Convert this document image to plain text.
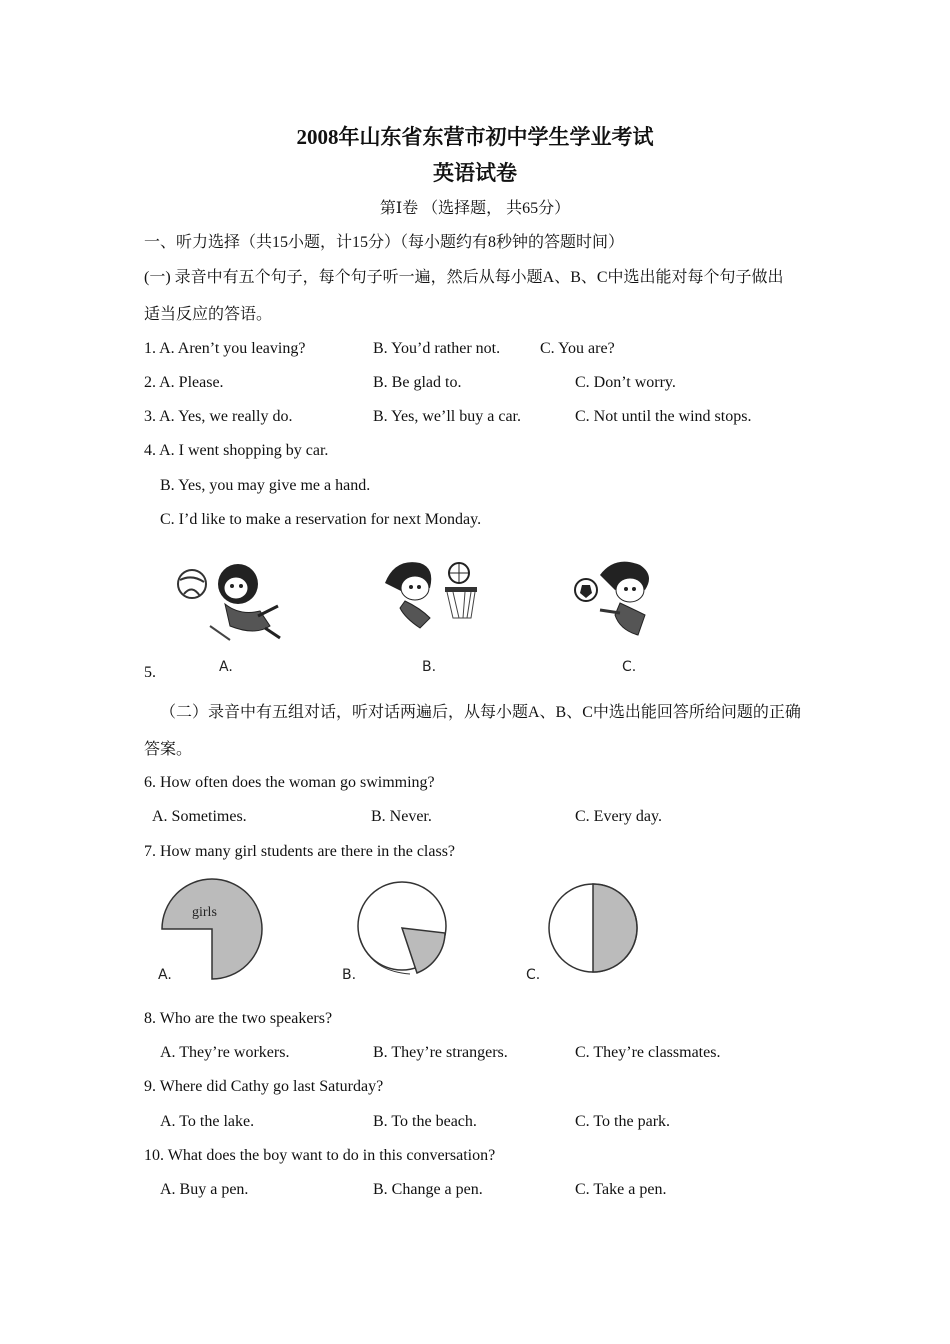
2008年山东省东营市初中学生学业考试
英语试卷
第Ⅰ卷 （选择题， 共65分）
一、听力选择（共15小题，计15分）（每小题约有8秒钟的答题时间）
(一) 录音中有五个句子，每个句子听一遍，然后从每小题A、B、C中选出能对每个句子做出
适当反应的答语。
1. A. Aren’t you leaving?	B. You’d rather not. C. You are?
2. A. Please.	B. Be glad to.	C. Don’t worry.
3. A. Yes, we really do.	B. Yes, we’ll buy a car.	C. Not until the wind stops.
4. A. I went shopping by car.
B. Yes, you may give me a hand.
C. I’d like to make a reservation for next Monday.
5.	A.	B.	C.
（二）录音中有五组对话，听对话两遍后，从每小题A、B、C中选出能回答所给问题的正确
答案。
6. How often does the woman go swimming?
A. Sometimes.	B. Never.	C. Every day.
7. How many girl students are there in the class?
girls
A.	B.	C.
8. Who are the two speakers?
A. They’re workers.	B. They’re strangers.	C. They’re classmates.
9. Where did Cathy go last Saturday?
A. To the lake.	B. To the beach.	C. To the park.
10. What does the boy want to do in this conversation?
A. Buy a pen.	B. Change a pen.	C. Take a pen.
